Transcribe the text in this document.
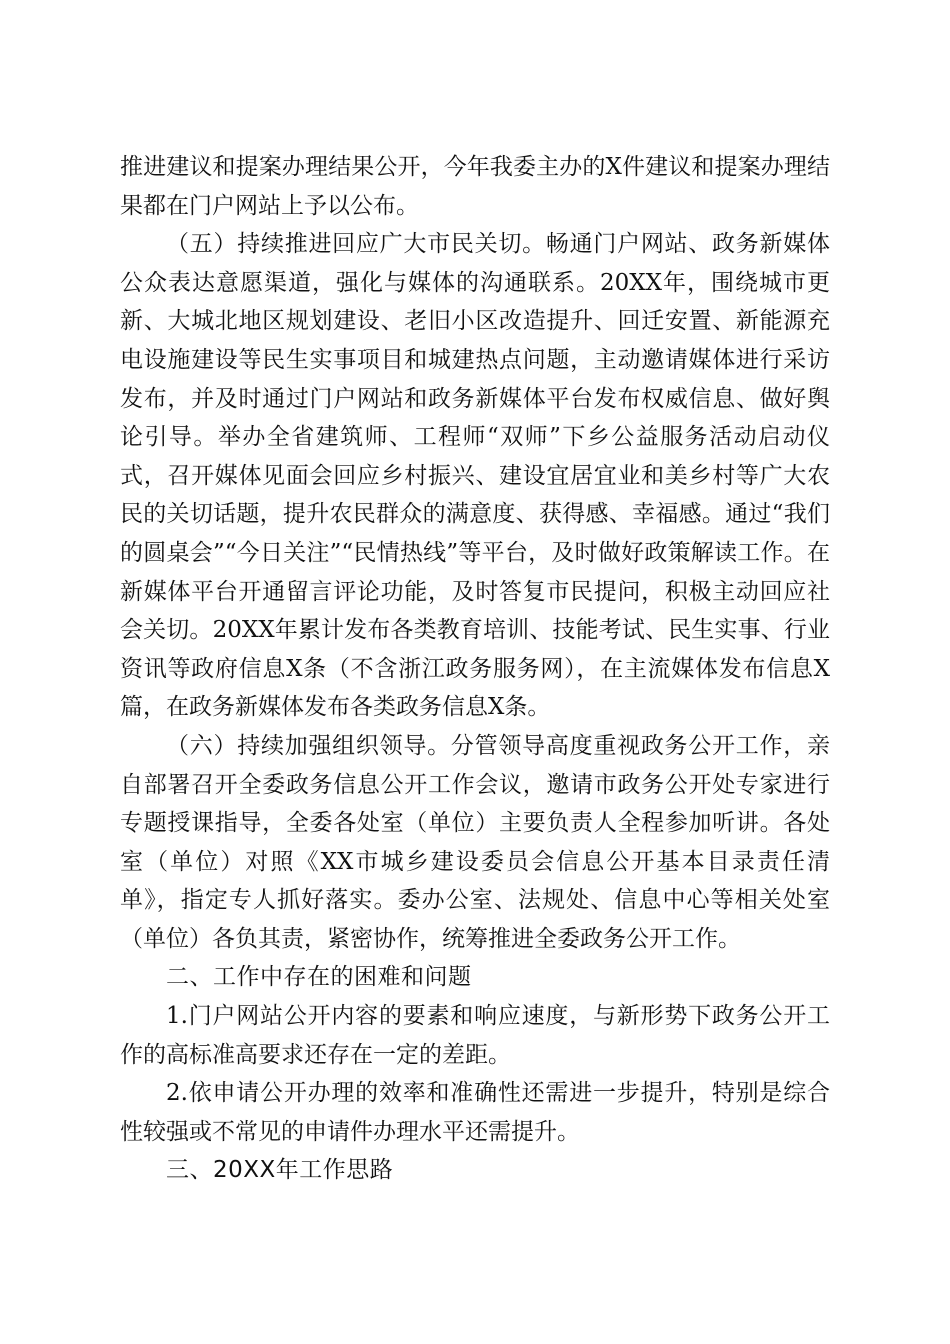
推进建议和提案办理结果公开，今年我委主办的X件建议和提案办理结果都在门户网站上予以公布。

（五）持续推进回应广大市民关切。畅通门户网站、政务新媒体公众表达意愿渠道，强化与媒体的沟通联系。20XX年，围绕城市更新、大城北地区规划建设、老旧小区改造提升、回迁安置、新能源充电设施建设等民生实事项目和城建热点问题，主动邀请媒体进行采访发布，并及时通过门户网站和政务新媒体平台发布权威信息、做好舆论引导。举办全省建筑师、工程师“双师”下乡公益服务活动启动仪式，召开媒体见面会回应乡村振兴、建设宜居宜业和美乡村等广大农民的关切话题，提升农民群众的满意度、获得感、幸福感。通过“我们的圆桌会”“今日关注”“民情热线”等平台，及时做好政策解读工作。在新媒体平台开通留言评论功能，及时答复市民提问，积极主动回应社会关切。20XX年累计发布各类教育培训、技能考试、民生实事、行业资讯等政府信息X条（不含浙江政务服务网），在主流媒体发布信息X篇，在政务新媒体发布各类政务信息X条。

（六）持续加强组织领导。分管领导高度重视政务公开工作，亲自部署召开全委政务信息公开工作会议，邀请市政务公开处专家进行专题授课指导，全委各处室（单位）主要负责人全程参加听讲。各处室（单位）对照《XX市城乡建设委员会信息公开基本目录责任清单》，指定专人抓好落实。委办公室、法规处、信息中心等相关处室（单位）各负其责，紧密协作，统筹推进全委政务公开工作。

二、工作中存在的困难和问题

1.门户网站公开内容的要素和响应速度，与新形势下政务公开工作的高标准高要求还存在一定的差距。

2.依申请公开办理的效率和准确性还需进一步提升，特别是综合性较强或不常见的申请件办理水平还需提升。

三、20XX年工作思路
